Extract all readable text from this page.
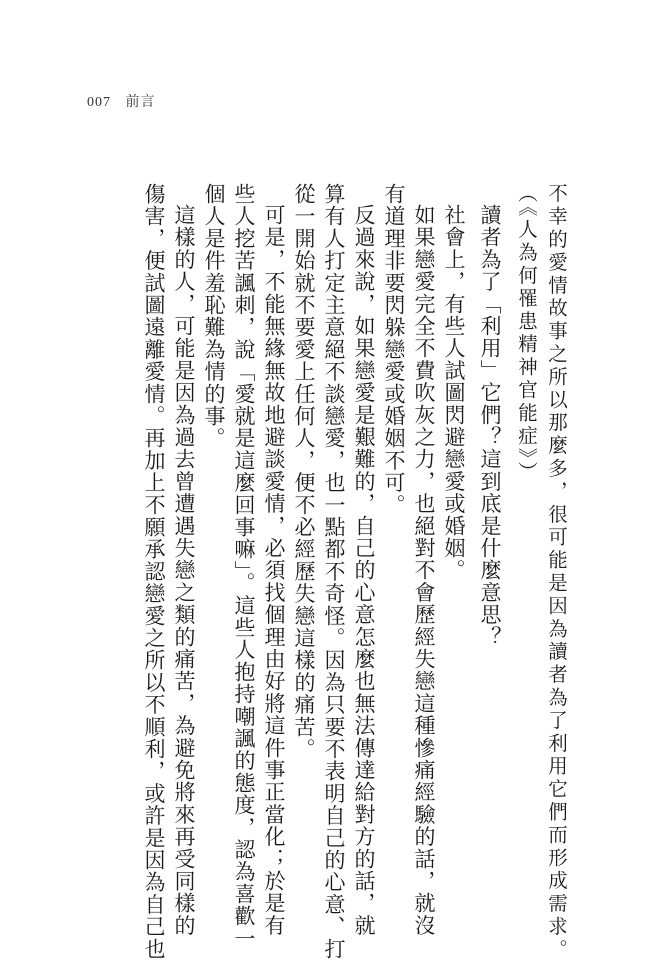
007 前言
不幸的愛情故事之所以那麼多，很可能是因為讀者為了利用它們而形成需求。
（《人為何罹患精神官能症》）
讀者為了「利用」它們？這到底是什麼意思？
社會上，有些人試圖閃避戀愛或婚姻。
如果戀愛完全不費吹灰之力，也絕對不會歷經失戀這種慘痛經驗的話，就沒
有道理非要閃躲戀愛或婚姻不可。
反過來說，如果戀愛是艱難的，自己的心意怎麼也無法傳達給對方的話，就
算有人打定主意絕不談戀愛，也一點都不奇怪。因為只要不表明自己的心意、打
從一開始就不要愛上任何人，便不必經歷失戀這樣的痛苦。
可是，不能無緣無故地避談愛情，必須找個理由好將這件事正當化；於是有
些人挖苦諷刺，說「愛就是這麼回事嘛」。這些人抱持嘲諷的態度，認為喜歡一
個人是件羞恥難為情的事。
這樣的人，可能是因為過去曾遭遇失戀之類的痛苦，為避免將來再受同樣的
傷害，便試圖遠離愛情。再加上不願承認戀愛之所以不順利，或許是因為自己也
